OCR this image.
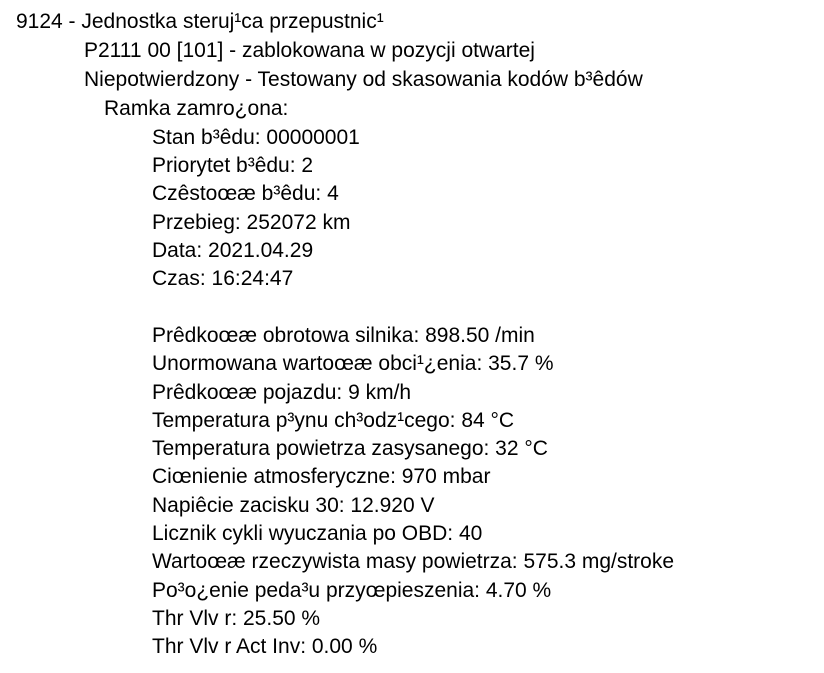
9124 - Jednostka steruj¹ca przepustnic¹
P2111 00 [101] - zablokowana w pozycji otwartej
Niepotwierdzony - Testowany od skasowania kodów b³êdów
Ramka zamro¿ona:
Stan b³êdu: 00000001
Priorytet b³êdu: 2
Czêstoœæ b³êdu: 4
Przebieg: 252072 km
Data: 2021.04.29
Czas: 16:24:47
Prêdkoœæ obrotowa silnika: 898.50 /min
Unormowana wartoœæ obci¹¿enia: 35.7 %
Prêdkoœæ pojazdu: 9 km/h
Temperatura p³ynu ch³odz¹cego: 84 °C
Temperatura powietrza zasysanego: 32 °C
Ciœnienie atmosferyczne: 970 mbar
Napiêcie zacisku 30: 12.920 V
Licznik cykli wyuczania po OBD: 40
Wartoœæ rzeczywista masy powietrza: 575.3 mg/stroke
Po³o¿enie peda³u przyœpieszenia: 4.70 %
Thr Vlv r: 25.50 %
Thr Vlv r Act Inv: 0.00 %
